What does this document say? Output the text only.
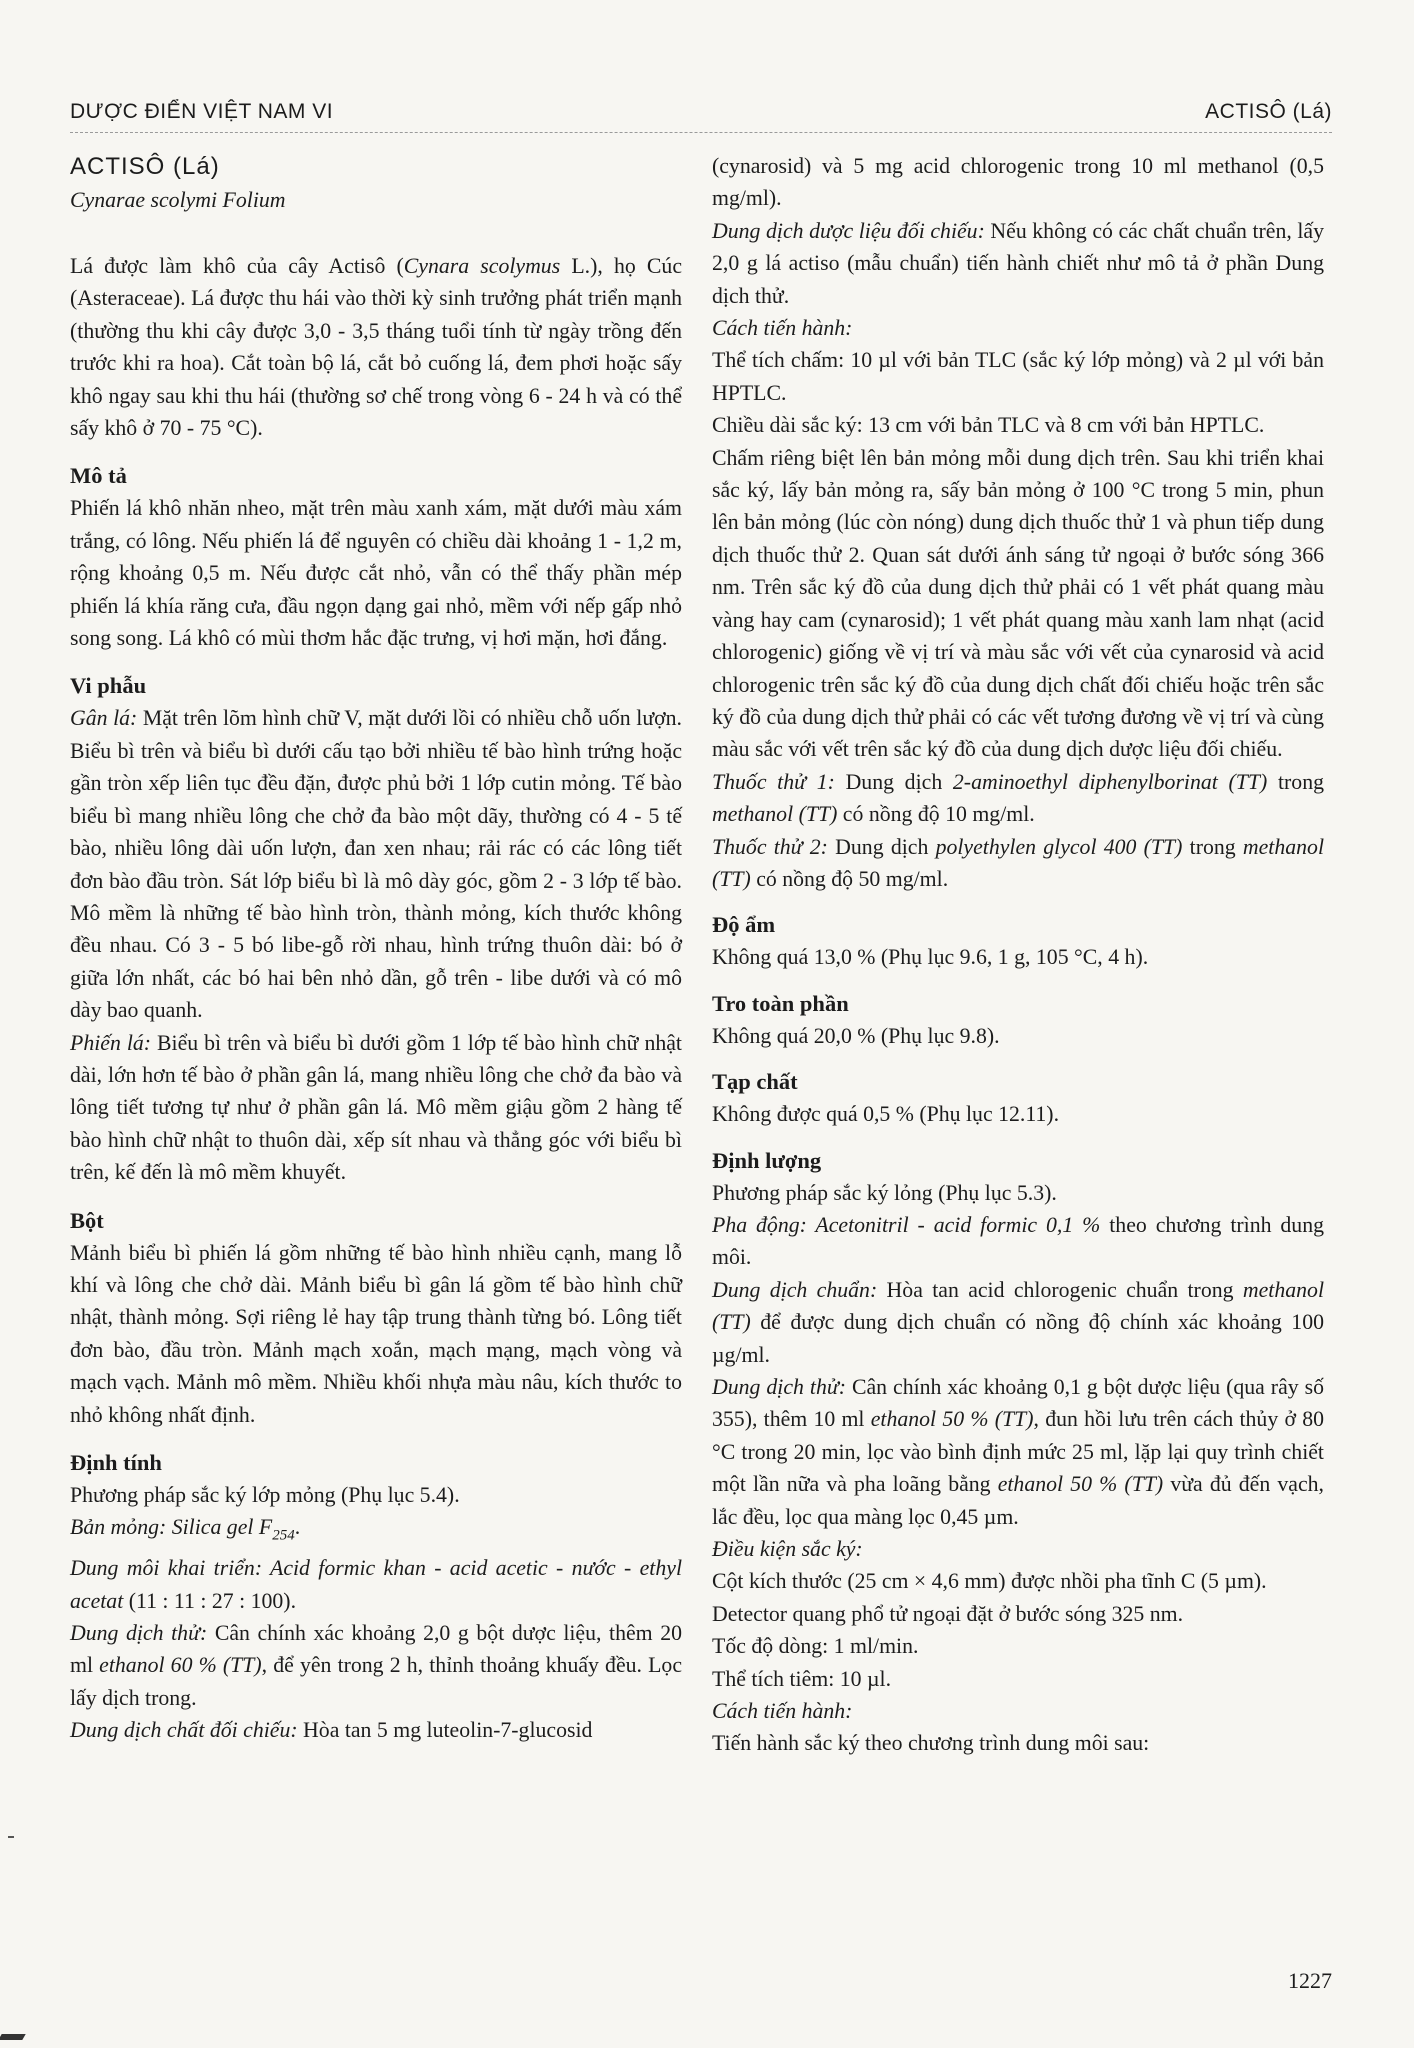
DƯỢC ĐIỂN VIỆT NAM VI	ACTISÔ (Lá)
ACTISÔ (Lá)
Cynarae scolymi Folium

Lá được làm khô của cây Actisô (Cynara scolymus L.), họ Cúc (Asteraceae). Lá được thu hái vào thời kỳ sinh trưởng phát triển mạnh (thường thu khi cây được 3,0 - 3,5 tháng tuổi tính từ ngày trồng đến trước khi ra hoa). Cắt toàn bộ lá, cắt bỏ cuống lá, đem phơi hoặc sấy khô ngay sau khi thu hái (thường sơ chế trong vòng 6 - 24 h và có thể sấy khô ở 70 - 75 °C).

Mô tả

Phiến lá khô nhăn nheo, mặt trên màu xanh xám, mặt dưới màu xám trắng, có lông. Nếu phiến lá để nguyên có chiều dài khoảng 1 - 1,2 m, rộng khoảng 0,5 m. Nếu được cắt nhỏ, vẫn có thể thấy phần mép phiến lá khía răng cưa, đầu ngọn dạng gai nhỏ, mềm với nếp gấp nhỏ song song. Lá khô có mùi thơm hắc đặc trưng, vị hơi mặn, hơi đắng.

Vi phẫu

Gân lá: Mặt trên lõm hình chữ V, mặt dưới lồi có nhiều chỗ uốn lượn. Biểu bì trên và biểu bì dưới cấu tạo bởi nhiều tế bào hình trứng hoặc gần tròn xếp liên tục đều đặn, được phủ bởi 1 lớp cutin mỏng. Tế bào biểu bì mang nhiều lông che chở đa bào một dãy, thường có 4 - 5 tế bào, nhiều lông dài uốn lượn, đan xen nhau; rải rác có các lông tiết đơn bào đầu tròn. Sát lớp biểu bì là mô dày góc, gồm 2 - 3 lớp tế bào. Mô mềm là những tế bào hình tròn, thành mỏng, kích thước không đều nhau. Có 3 - 5 bó libe-gỗ rời nhau, hình trứng thuôn dài: bó ở giữa lớn nhất, các bó hai bên nhỏ dần, gỗ trên - libe dưới và có mô dày bao quanh.

Phiến lá: Biểu bì trên và biểu bì dưới gồm 1 lớp tế bào hình chữ nhật dài, lớn hơn tế bào ở phần gân lá, mang nhiều lông che chở đa bào và lông tiết tương tự như ở phần gân lá. Mô mềm giậu gồm 2 hàng tế bào hình chữ nhật to thuôn dài, xếp sít nhau và thẳng góc với biểu bì trên, kế đến là mô mềm khuyết.

Bột

Mảnh biểu bì phiến lá gồm những tế bào hình nhiều cạnh, mang lỗ khí và lông che chở dài. Mảnh biểu bì gân lá gồm tế bào hình chữ nhật, thành mỏng. Sợi riêng lẻ hay tập trung thành từng bó. Lông tiết đơn bào, đầu tròn. Mảnh mạch xoắn, mạch mạng, mạch vòng và mạch vạch. Mảnh mô mềm. Nhiều khối nhựa màu nâu, kích thước to nhỏ không nhất định.

Định tính

Phương pháp sắc ký lớp mỏng (Phụ lục 5.4).

Bản mỏng: Silica gel $F_{254}$.

Dung môi khai triển: Acid formic khan - acid acetic - nước - ethyl acetat (11 : 11 : 27 : 100).

Dung dịch thử: Cân chính xác khoảng 2,0 g bột dược liệu, thêm 20 ml ethanol 60 % (TT), để yên trong 2 h, thỉnh thoảng khuấy đều. Lọc lấy dịch trong.

Dung dịch chất đối chiếu: Hòa tan 5 mg luteolin-7-glucosid

(cynarosid) và 5 mg acid chlorogenic trong 10 ml methanol (0,5 mg/ml).

Dung dịch dược liệu đối chiếu: Nếu không có các chất chuẩn trên, lấy 2,0 g lá actiso (mẫu chuẩn) tiến hành chiết như mô tả ở phần Dung dịch thử.

Cách tiến hành:

Thể tích chấm: 10 µl với bản TLC (sắc ký lớp mỏng) và 2 µl với bản HPTLC.

Chiều dài sắc ký: 13 cm với bản TLC và 8 cm với bản HPTLC.

Chấm riêng biệt lên bản mỏng mỗi dung dịch trên. Sau khi triển khai sắc ký, lấy bản mỏng ra, sấy bản mỏng ở 100 °C trong 5 min, phun lên bản mỏng (lúc còn nóng) dung dịch thuốc thử 1 và phun tiếp dung dịch thuốc thử 2. Quan sát dưới ánh sáng tử ngoại ở bước sóng 366 nm. Trên sắc ký đồ của dung dịch thử phải có 1 vết phát quang màu vàng hay cam (cynarosid); 1 vết phát quang màu xanh lam nhạt (acid chlorogenic) giống về vị trí và màu sắc với vết của cynarosid và acid chlorogenic trên sắc ký đồ của dung dịch chất đối chiếu hoặc trên sắc ký đồ của dung dịch thử phải có các vết tương đương về vị trí và cùng màu sắc với vết trên sắc ký đồ của dung dịch dược liệu đối chiếu.

Thuốc thử 1: Dung dịch 2-aminoethyl diphenylborinat (TT) trong methanol (TT) có nồng độ 10 mg/ml.

Thuốc thử 2: Dung dịch polyethylen glycol 400 (TT) trong methanol (TT) có nồng độ 50 mg/ml.

Độ ẩm

Không quá 13,0 % (Phụ lục 9.6, 1 g, 105 °C, 4 h).

Tro toàn phần

Không quá 20,0 % (Phụ lục 9.8).

Tạp chất

Không được quá 0,5 % (Phụ lục 12.11).

Định lượng

Phương pháp sắc ký lỏng (Phụ lục 5.3).

Pha động: Acetonitril - acid formic 0,1 % theo chương trình dung môi.

Dung dịch chuẩn: Hòa tan acid chlorogenic chuẩn trong methanol (TT) để được dung dịch chuẩn có nồng độ chính xác khoảng 100 µg/ml.

Dung dịch thử: Cân chính xác khoảng 0,1 g bột dược liệu (qua rây số 355), thêm 10 ml ethanol 50 % (TT), đun hồi lưu trên cách thủy ở 80 °C trong 20 min, lọc vào bình định mức 25 ml, lặp lại quy trình chiết một lần nữa và pha loãng bằng ethanol 50 % (TT) vừa đủ đến vạch, lắc đều, lọc qua màng lọc 0,45 µm.

Điều kiện sắc ký:

Cột kích thước (25 cm × 4,6 mm) được nhồi pha tĩnh C (5 µm).

Detector quang phổ tử ngoại đặt ở bước sóng 325 nm.

Tốc độ dòng: 1 ml/min.

Thể tích tiêm: 10 µl.

Cách tiến hành:

Tiến hành sắc ký theo chương trình dung môi sau:

1227
